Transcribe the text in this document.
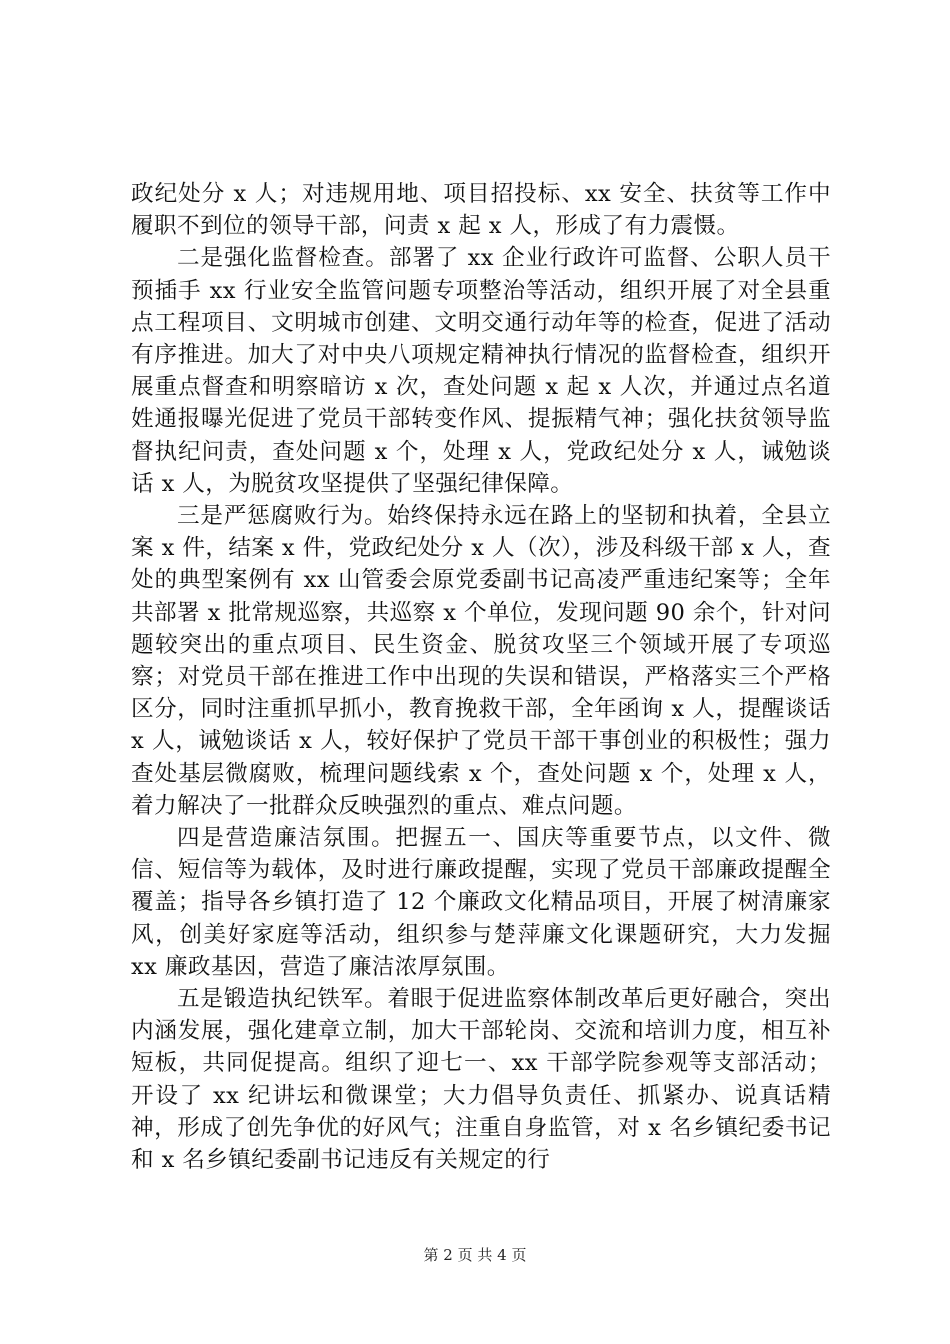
政纪处分 x 人；对违规用地、项目招投标、xx 安全、扶贫等工作中履职不到位的领导干部，问责 x 起 x 人，形成了有力震慑。

二是强化监督检查。部署了 xx 企业行政许可监督、公职人员干预插手 xx 行业安全监管问题专项整治等活动，组织开展了对全县重点工程项目、文明城市创建、文明交通行动年等的检查，促进了活动有序推进。加大了对中央八项规定精神执行情况的监督检查，组织开展重点督查和明察暗访 x 次，查处问题 x 起 x 人次，并通过点名道姓通报曝光促进了党员干部转变作风、提振精气神；强化扶贫领导监督执纪问责，查处问题 x 个，处理 x 人，党政纪处分 x 人，诫勉谈话 x 人，为脱贫攻坚提供了坚强纪律保障。

三是严惩腐败行为。始终保持永远在路上的坚韧和执着，全县立案 x 件，结案 x 件，党政纪处分 x 人（次），涉及科级干部 x 人，查处的典型案例有 xx 山管委会原党委副书记高凌严重违纪案等；全年共部署 x 批常规巡察，共巡察 x 个单位，发现问题 90 余个，针对问题较突出的重点项目、民生资金、脱贫攻坚三个领域开展了专项巡察；对党员干部在推进工作中出现的失误和错误，严格落实三个严格区分，同时注重抓早抓小，教育挽救干部，全年函询 x 人，提醒谈话 x 人，诫勉谈话 x 人，较好保护了党员干部干事创业的积极性；强力查处基层微腐败，梳理问题线索 x 个，查处问题 x 个，处理 x 人，着力解决了一批群众反映强烈的重点、难点问题。

四是营造廉洁氛围。把握五一、国庆等重要节点，以文件、微信、短信等为载体，及时进行廉政提醒，实现了党员干部廉政提醒全覆盖；指导各乡镇打造了 12 个廉政文化精品项目，开展了树清廉家风，创美好家庭等活动，组织参与楚萍廉文化课题研究，大力发掘 xx 廉政基因，营造了廉洁浓厚氛围。

五是锻造执纪铁军。着眼于促进监察体制改革后更好融合，突出内涵发展，强化建章立制，加大干部轮岗、交流和培训力度，相互补短板，共同促提高。组织了迎七一、xx 干部学院参观等支部活动；开设了 xx 纪讲坛和微课堂；大力倡导负责任、抓紧办、说真话精神，形成了创先争优的好风气；注重自身监管，对 x 名乡镇纪委书记和 x 名乡镇纪委副书记违反有关规定的行

第 2 页 共 4 页
